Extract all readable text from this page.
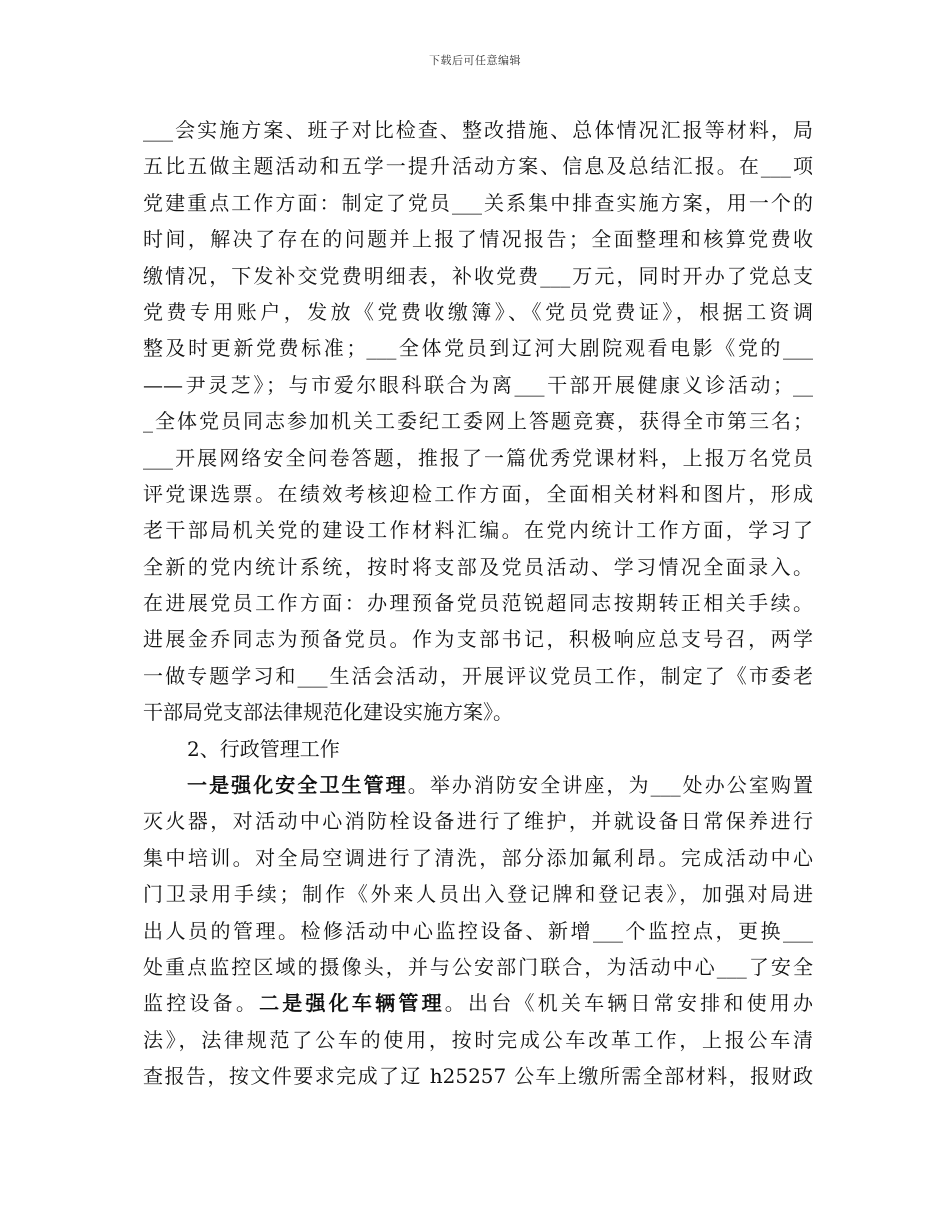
下载后可任意编辑
___会实施方案、班子对比检查、整改措施、总体情况汇报等材料，局
五比五做主题活动和五学一提升活动方案、信息及总结汇报。在___项
党建重点工作方面：制定了党员___关系集中排查实施方案，用一个的
时间，解决了存在的问题并上报了情况报告；全面整理和核算党费收
缴情况，下发补交党费明细表，补收党费___万元，同时开办了党总支
党费专用账户，发放《党费收缴簿》、《党员党费证》，根据工资调
整及时更新党费标准；___全体党员到辽河大剧院观看电影《党的___
——尹灵芝》；与市爱尔眼科联合为离___干部开展健康义诊活动；__
_全体党员同志参加机关工委纪工委网上答题竞赛，获得全市第三名；
___开展网络安全问卷答题，推报了一篇优秀党课材料，上报万名党员
评党课选票。在绩效考核迎检工作方面，全面相关材料和图片，形成
老干部局机关党的建设工作材料汇编。在党内统计工作方面，学习了
全新的党内统计系统，按时将支部及党员活动、学习情况全面录入。
在进展党员工作方面：办理预备党员范锐超同志按期转正相关手续。
进展金乔同志为预备党员。作为支部书记，积极响应总支号召，两学
一做专题学习和___生活会活动，开展评议党员工作，制定了《市委老
干部局党支部法律规范化建设实施方案》。
2、行政管理工作
一是强化安全卫生管理。举办消防安全讲座，为___处办公室购置
灭火器，对活动中心消防栓设备进行了维护，并就设备日常保养进行
集中培训。对全局空调进行了清洗，部分添加氟利昂。完成活动中心
门卫录用手续；制作《外来人员出入登记牌和登记表》，加强对局进
出人员的管理。检修活动中心监控设备、新增___个监控点，更换___
处重点监控区域的摄像头，并与公安部门联合，为活动中心___了安全
监控设备。二是强化车辆管理。出台《机关车辆日常安排和使用办
法》，法律规范了公车的使用，按时完成公车改革工作，上报公车清
查报告，按文件要求完成了辽 h25257 公车上缴所需全部材料，报财政
